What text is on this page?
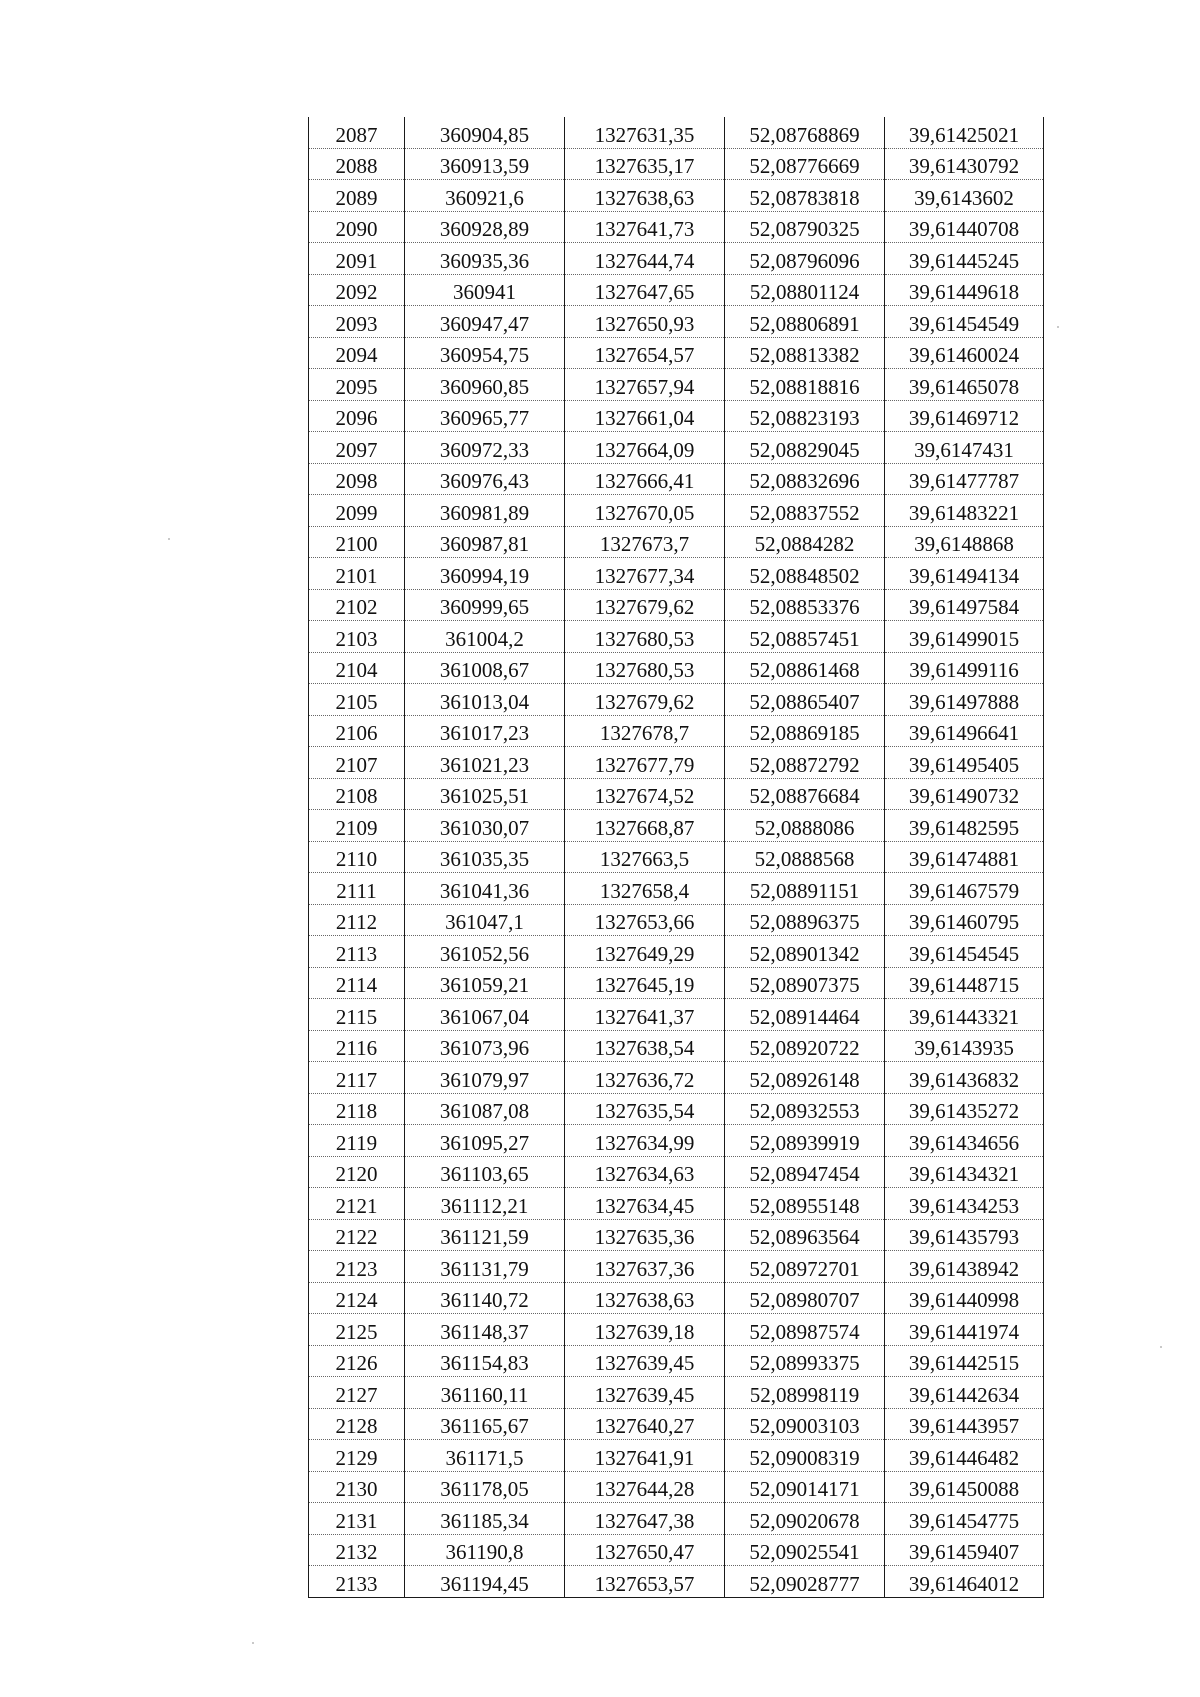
2087	360904,85	1327631,35	52,08768869	39,61425021
2088	360913,59	1327635,17	52,08776669	39,61430792
2089	360921,6	1327638,63	52,08783818	39,6143602
2090	360928,89	1327641,73	52,08790325	39,61440708
2091	360935,36	1327644,74	52,08796096	39,61445245
2092	360941	1327647,65	52,08801124	39,61449618
2093	360947,47	1327650,93	52,08806891	39,61454549
2094	360954,75	1327654,57	52,08813382	39,61460024
2095	360960,85	1327657,94	52,08818816	39,61465078
2096	360965,77	1327661,04	52,08823193	39,61469712
2097	360972,33	1327664,09	52,08829045	39,6147431
2098	360976,43	1327666,41	52,08832696	39,61477787
2099	360981,89	1327670,05	52,08837552	39,61483221
2100	360987,81	1327673,7	52,0884282	39,6148868
2101	360994,19	1327677,34	52,08848502	39,61494134
2102	360999,65	1327679,62	52,08853376	39,61497584
2103	361004,2	1327680,53	52,08857451	39,61499015
2104	361008,67	1327680,53	52,08861468	39,61499116
2105	361013,04	1327679,62	52,08865407	39,61497888
2106	361017,23	1327678,7	52,08869185	39,61496641
2107	361021,23	1327677,79	52,08872792	39,61495405
2108	361025,51	1327674,52	52,08876684	39,61490732
2109	361030,07	1327668,87	52,0888086	39,61482595
2110	361035,35	1327663,5	52,0888568	39,61474881
2111	361041,36	1327658,4	52,08891151	39,61467579
2112	361047,1	1327653,66	52,08896375	39,61460795
2113	361052,56	1327649,29	52,08901342	39,61454545
2114	361059,21	1327645,19	52,08907375	39,61448715
2115	361067,04	1327641,37	52,08914464	39,61443321
2116	361073,96	1327638,54	52,08920722	39,6143935
2117	361079,97	1327636,72	52,08926148	39,61436832
2118	361087,08	1327635,54	52,08932553	39,61435272
2119	361095,27	1327634,99	52,08939919	39,61434656
2120	361103,65	1327634,63	52,08947454	39,61434321
2121	361112,21	1327634,45	52,08955148	39,61434253
2122	361121,59	1327635,36	52,08963564	39,61435793
2123	361131,79	1327637,36	52,08972701	39,61438942
2124	361140,72	1327638,63	52,08980707	39,61440998
2125	361148,37	1327639,18	52,08987574	39,61441974
2126	361154,83	1327639,45	52,08993375	39,61442515
2127	361160,11	1327639,45	52,08998119	39,61442634
2128	361165,67	1327640,27	52,09003103	39,61443957
2129	361171,5	1327641,91	52,09008319	39,61446482
2130	361178,05	1327644,28	52,09014171	39,61450088
2131	361185,34	1327647,38	52,09020678	39,61454775
2132	361190,8	1327650,47	52,09025541	39,61459407
2133	361194,45	1327653,57	52,09028777	39,61464012
